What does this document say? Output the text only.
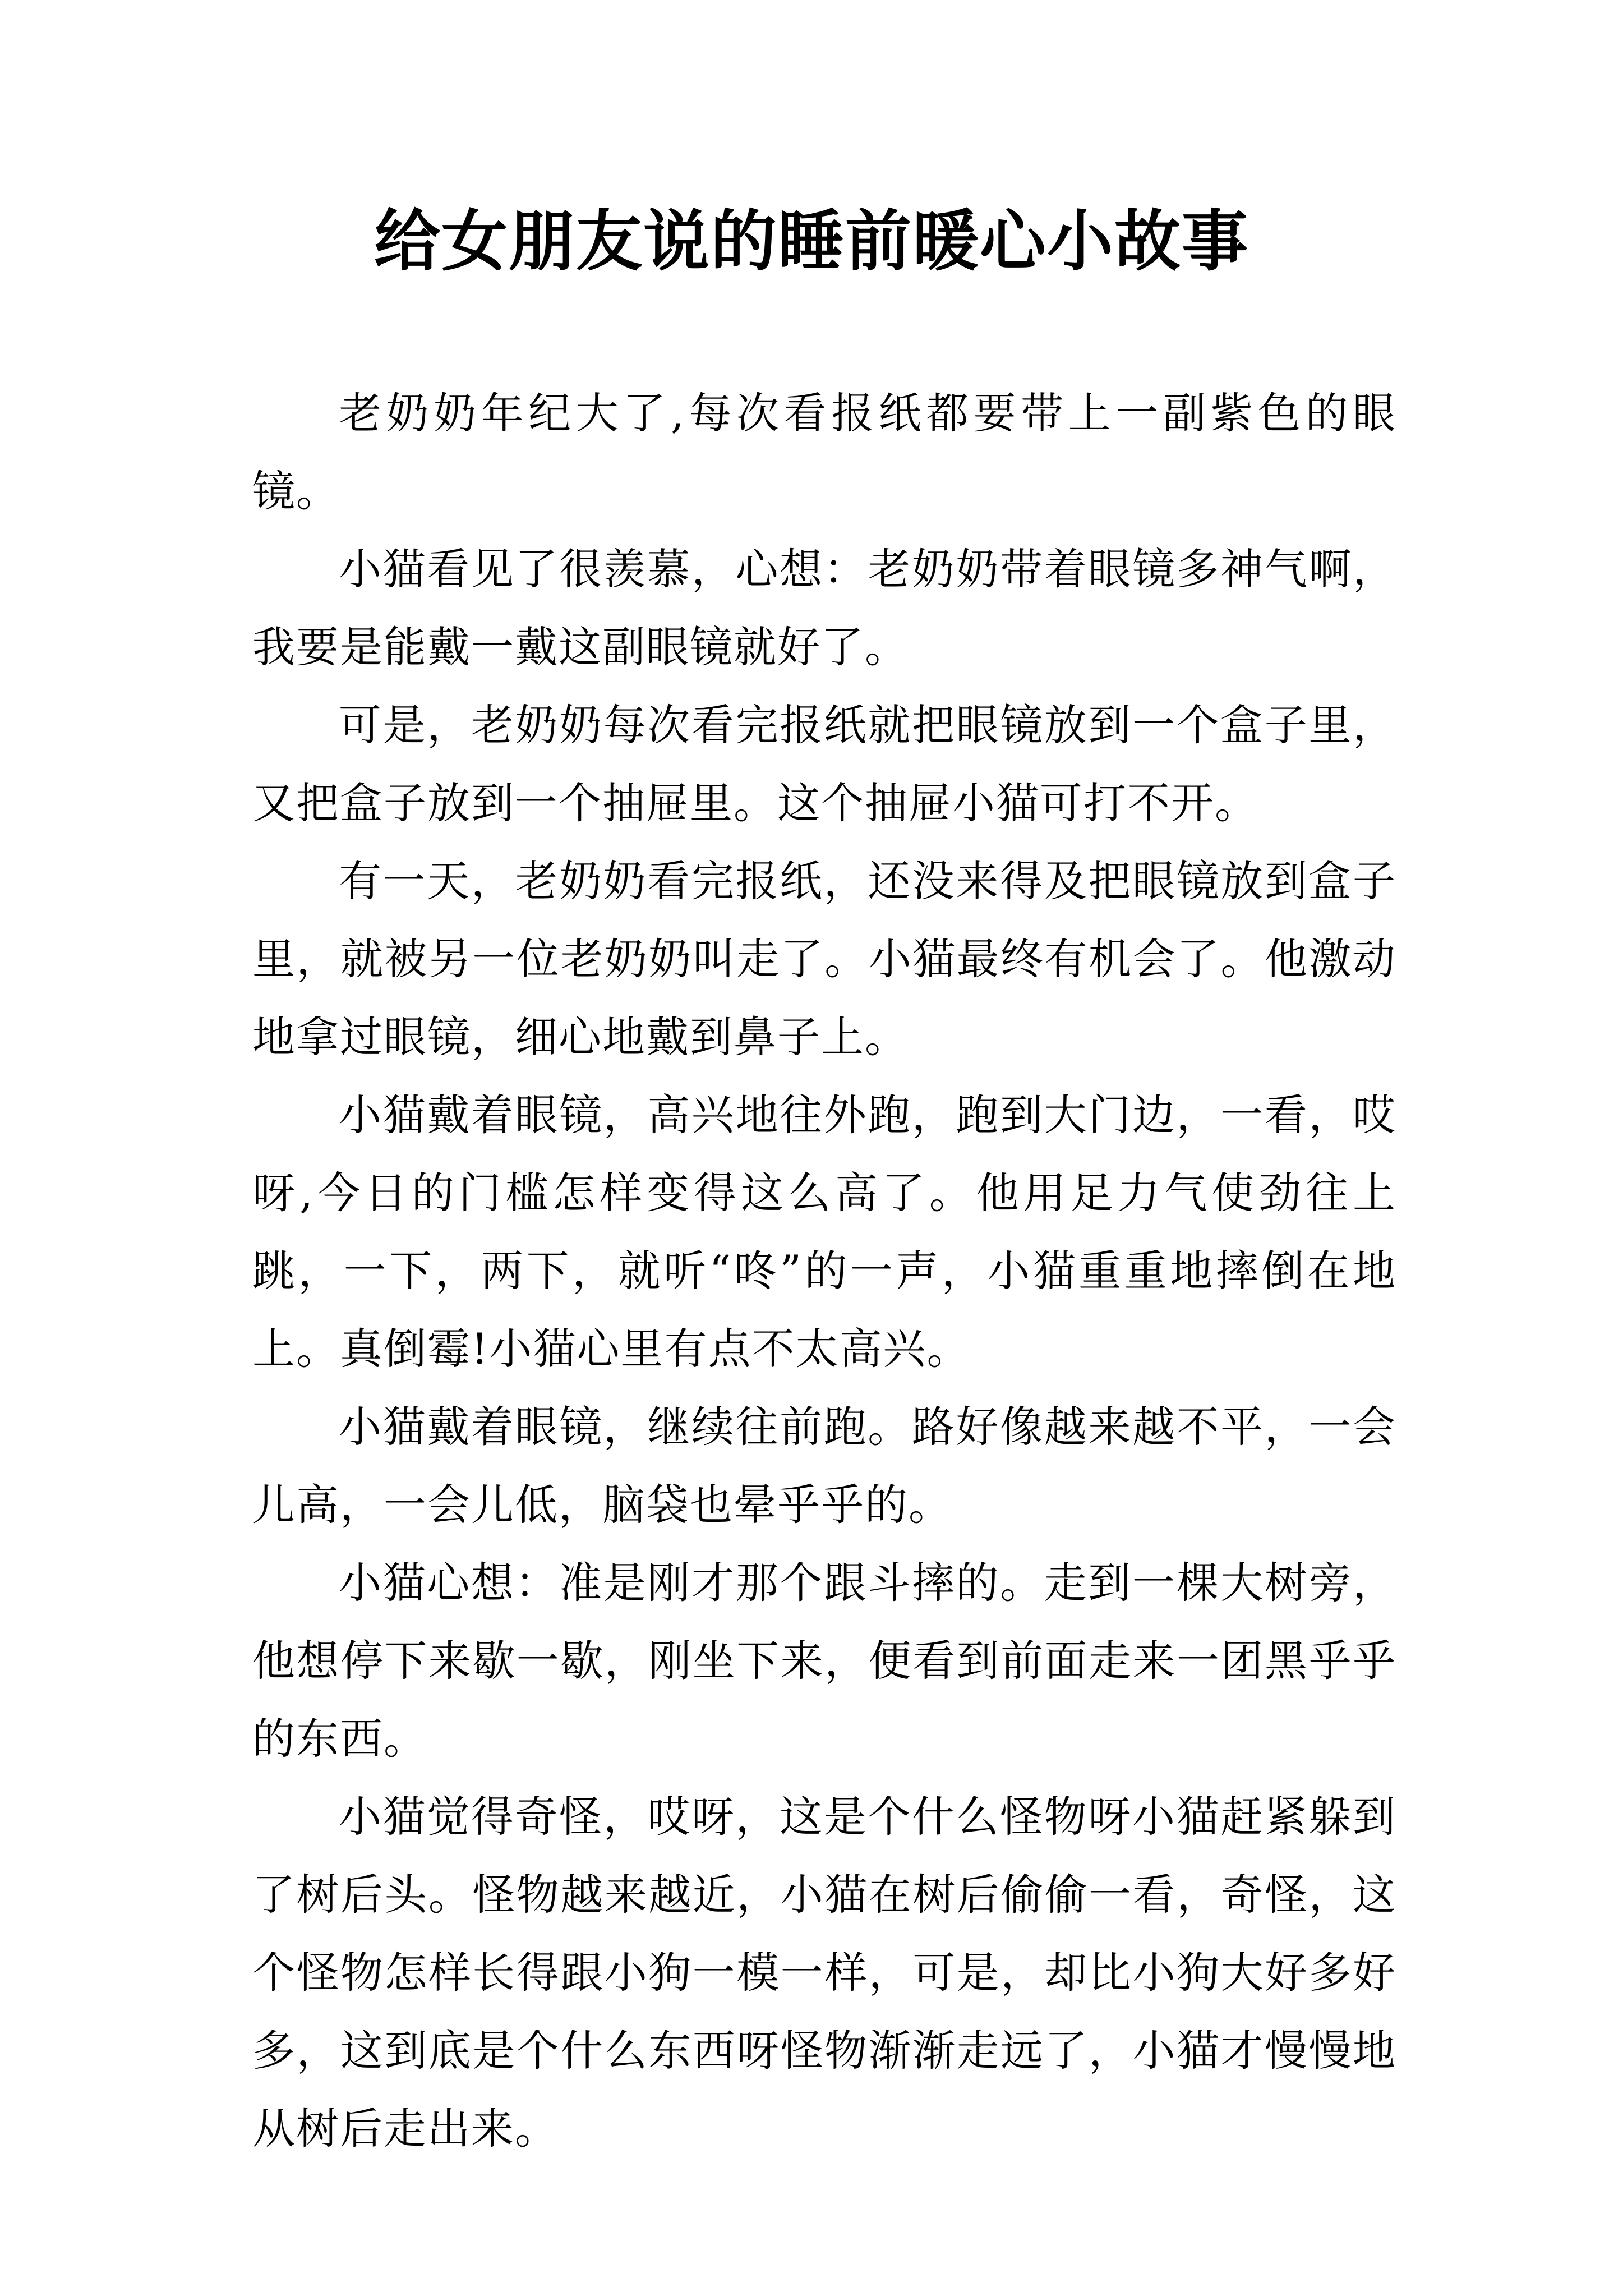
给女朋友说的睡前暖心小故事

老奶奶年纪大了,每次看报纸都要带上一副紫色的眼镜。

小猫看见了很羡慕，心想：老奶奶带着眼镜多神气啊，我要是能戴一戴这副眼镜就好了。

可是，老奶奶每次看完报纸就把眼镜放到一个盒子里，又把盒子放到一个抽屉里。这个抽屉小猫可打不开。

有一天，老奶奶看完报纸，还没来得及把眼镜放到盒子里，就被另一位老奶奶叫走了。小猫最终有机会了。他激动地拿过眼镜，细心地戴到鼻子上。

小猫戴着眼镜，高兴地往外跑，跑到大门边，一看，哎呀,今日的门槛怎样变得这么高了。他用足力气使劲往上跳，一下，两下，就听“咚”的一声，小猫重重地摔倒在地上。真倒霉!小猫心里有点不太高兴。

小猫戴着眼镜，继续往前跑。路好像越来越不平，一会儿高，一会儿低，脑袋也晕乎乎的。

小猫心想：准是刚才那个跟斗摔的。走到一棵大树旁，他想停下来歇一歇，刚坐下来，便看到前面走来一团黑乎乎的东西。

小猫觉得奇怪，哎呀，这是个什么怪物呀小猫赶紧躲到了树后头。怪物越来越近，小猫在树后偷偷一看，奇怪，这个怪物怎样长得跟小狗一模一样，可是，却比小狗大好多好多，这到底是个什么东西呀怪物渐渐走远了，小猫才慢慢地从树后走出来。
